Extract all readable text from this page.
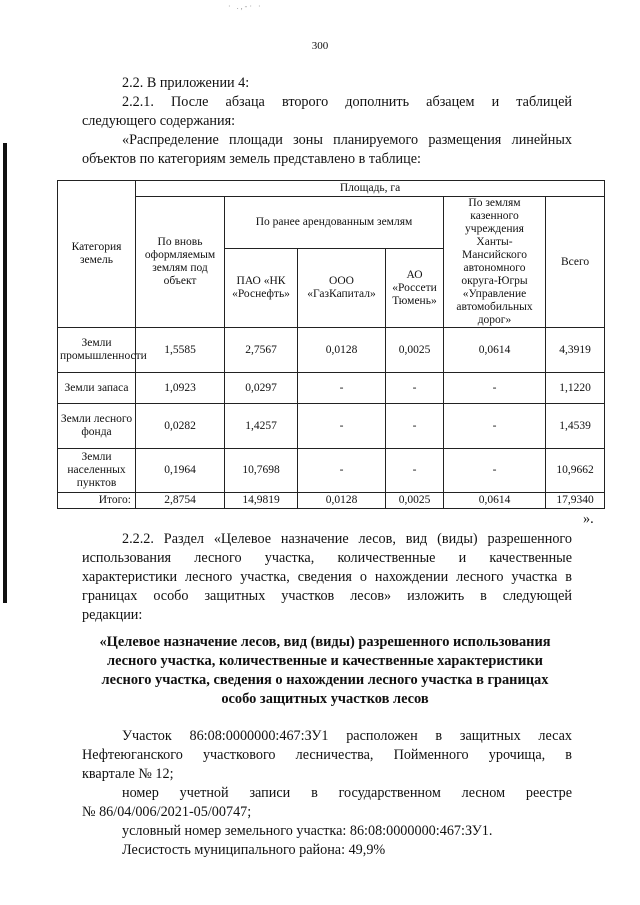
· .,-· ·
300
2.2. В приложении 4:
2.2.1. После абзаца второго дополнить абзацем и таблицей
следующего содержания:
«Распределение площади зоны планируемого размещения линейных
объектов по категориям земель представлено в таблице:
Категория земель	Площадь, га					
	По вновь оформляемым землям под объект	По ранее арендованным землям			По землям казенного учреждения Ханты-Мансийского автономного округа-Югры «Управление автомобильных дорог»	Всего
		ПАО «НК «Роснефть»	ООО «ГазКапитал»	АО «Россети Тюмень»		
Земли промышленности	1,5585	2,7567	0,0128	0,0025	0,0614	4,3919
Земли запаса	1,0923	0,0297	-	-	-	1,1220
Земли лесного фонда	0,0282	1,4257	-	-	-	1,4539
Земли населенных пунктов	0,1964	10,7698	-	-	-	10,9662
Итого:	2,8754	14,9819	0,0128	0,0025	0,0614	17,9340
».
2.2.2. Раздел «Целевое назначение лесов, вид (виды) разрешенного
использования лесного участка, количественные и качественные
характеристики лесного участка, сведения о нахождении лесного участка в
границах особо защитных участков лесов» изложить в следующей
редакции:
«Целевое назначение лесов, вид (виды) разрешенного использования
лесного участка, количественные и качественные характеристики
лесного участка, сведения о нахождении лесного участка в границах
особо защитных участков лесов
Участок 86:08:0000000:467:ЗУ1 расположен в защитных лесах
Нефтеюганского участкового лесничества, Пойменного урочища, в
квартале № 12;
номер учетной записи в государственном лесном реестре
№ 86/04/006/2021-05/00747;
условный номер земельного участка: 86:08:0000000:467:ЗУ1.
Лесистость муниципального района: 49,9%
